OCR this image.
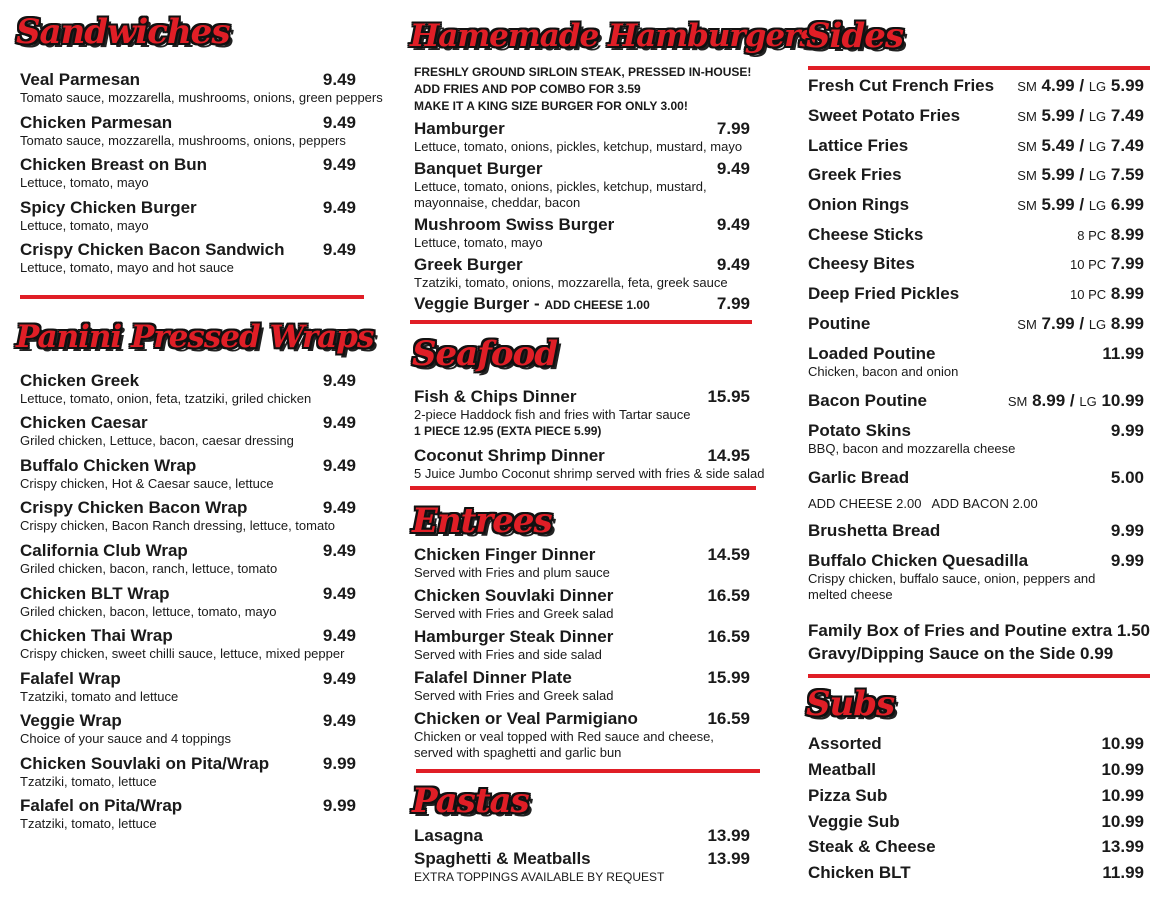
Sandwiches
Veal Parmesan	9.49
Tomato sauce, mozzarella, mushrooms, onions, green peppers
Chicken Parmesan	9.49
Tomato sauce, mozzarella, mushrooms, onions, peppers
Chicken Breast on Bun	9.49
Lettuce, tomato, mayo
Spicy Chicken Burger	9.49
Lettuce, tomato, mayo
Crispy Chicken Bacon Sandwich 9.49
Lettuce, tomato, mayo and hot sauce
Panini Pressed Wraps
Chicken Greek	9.49
Lettuce, tomato, onion, feta, tzatziki, griled chicken
Chicken Caesar	9.49
Griled chicken, Lettuce, bacon, caesar dressing
Buffalo Chicken Wrap	9.49
Crispy chicken, Hot & Caesar sauce, lettuce
Crispy Chicken Bacon Wrap	9.49
Crispy chicken, Bacon Ranch dressing, lettuce, tomato
California Club Wrap	9.49
Griled chicken, bacon, ranch, lettuce, tomato
Chicken BLT Wrap	9.49
Griled chicken, bacon, lettuce, tomato, mayo
Chicken Thai Wrap	9.49
Crispy chicken, sweet chilli sauce, lettuce, mixed pepper
Falafel Wrap	9.49
Tzatziki, tomato and lettuce
Veggie Wrap	9.49
Choice of your sauce and 4 toppings
Chicken Souvlaki on Pita/Wrap	9.99
Tzatziki, tomato, lettuce
Falafel on Pita/Wrap	9.99
Tzatziki, tomato, lettuce
Hamemade Hamburgers
FRESHLY GROUND SIRLOIN STEAK, PRESSED IN-HOUSE!
ADD FRIES AND POP COMBO FOR 3.59
MAKE IT A KING SIZE BURGER FOR ONLY 3.00!
Hamburger	7.99
Lettuce, tomato, onions, pickles, ketchup, mustard, mayo
Banquet Burger	9.49
Lettuce, tomato, onions, pickles, ketchup, mustard, mayonnaise, cheddar, bacon
Mushroom Swiss Burger	9.49
Lettuce, tomato, mayo
Greek Burger	9.49
Tzatziki, tomato, onions, mozzarella, feta, greek sauce
Veggie Burger - ADD CHEESE 1.00	7.99
Seafood
Fish & Chips Dinner	15.95
2-piece Haddock fish and fries with Tartar sauce
1 PIECE 12.95 (EXTA PIECE 5.99)
Coconut Shrimp Dinner	14.95
5 Juice Jumbo Coconut shrimp served with fries & side salad
Entrees
Chicken Finger Dinner	14.59
Served with Fries and plum sauce
Chicken Souvlaki Dinner	16.59
Served with Fries and Greek salad
Hamburger Steak Dinner	16.59
Served with Fries and side salad
Falafel Dinner Plate	15.99
Served with Fries and Greek salad
Chicken or Veal Parmigiano	16.59
Chicken or veal topped with Red sauce and cheese, served with spaghetti and garlic bun
Pastas
Lasagna	13.99
Spaghetti & Meatballs	13.99
EXTRA TOPPINGS AVAILABLE BY REQUEST
Sides
Fresh Cut French Fries SM 4.99 / LG 5.99
Sweet Potato Fries	SM 5.99 / LG 7.49
Lattice Fries	SM 5.49 / LG 7.49
Greek Fries	SM 5.99 / LG 7.59
Onion Rings	SM 5.99 / LG 6.99
Cheese Sticks	8 PC 8.99
Cheesy Bites	10 PC 7.99
Deep Fried Pickles	10 PC 8.99
Poutine	SM 7.99 / LG 8.99
Loaded Poutine	11.99
Chicken, bacon and onion
Bacon Poutine	SM 8.99 / LG 10.99
Potato Skins	9.99
BBQ, bacon and mozzarella cheese
Garlic Bread	5.00
ADD CHEESE 2.00   ADD BACON 2.00
Brushetta Bread	9.99
Buffalo Chicken Quesadilla	9.99
Crispy chicken, buffalo sauce, onion, peppers and melted cheese
Family Box of Fries and Poutine extra 1.50
Gravy/Dipping Sauce on the Side 0.99
Subs
Assorted	10.99
Meatball	10.99
Pizza Sub	10.99
Veggie Sub	10.99
Steak & Cheese	13.99
Chicken BLT	11.99
